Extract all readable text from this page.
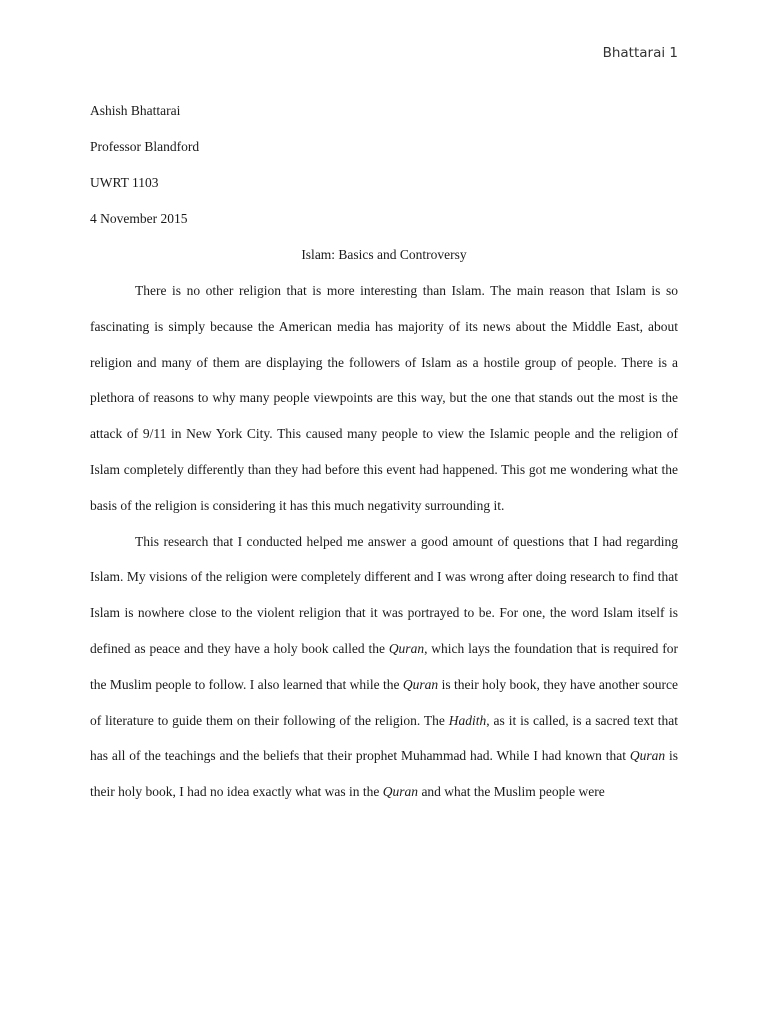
Bhattarai 1

Ashish Bhattarai

Professor Blandford

UWRT 1103

4 November 2015

Islam: Basics and Controversy

There is no other religion that is more interesting than Islam. The main reason that Islam is so fascinating is simply because the American media has majority of its news about the Middle East, about religion and many of them are displaying the followers of Islam as a hostile group of people. There is a plethora of reasons to why many people viewpoints are this way, but the one that stands out the most is the attack of 9/11 in New York City. This caused many people to view the Islamic people and the religion of Islam completely differently than they had before this event had happened. This got me wondering what the basis of the religion is considering it has this much negativity surrounding it.

This research that I conducted helped me answer a good amount of questions that I had regarding Islam. My visions of the religion were completely different and I was wrong after doing research to find that Islam is nowhere close to the violent religion that it was portrayed to be. For one, the word Islam itself is defined as peace and they have a holy book called the Quran, which lays the foundation that is required for the Muslim people to follow. I also learned that while the Quran is their holy book, they have another source of literature to guide them on their following of the religion. The Hadith, as it is called, is a sacred text that has all of the teachings and the beliefs that their prophet Muhammad had. While I had known that Quran is their holy book, I had no idea exactly what was in the Quran and what the Muslim people were
